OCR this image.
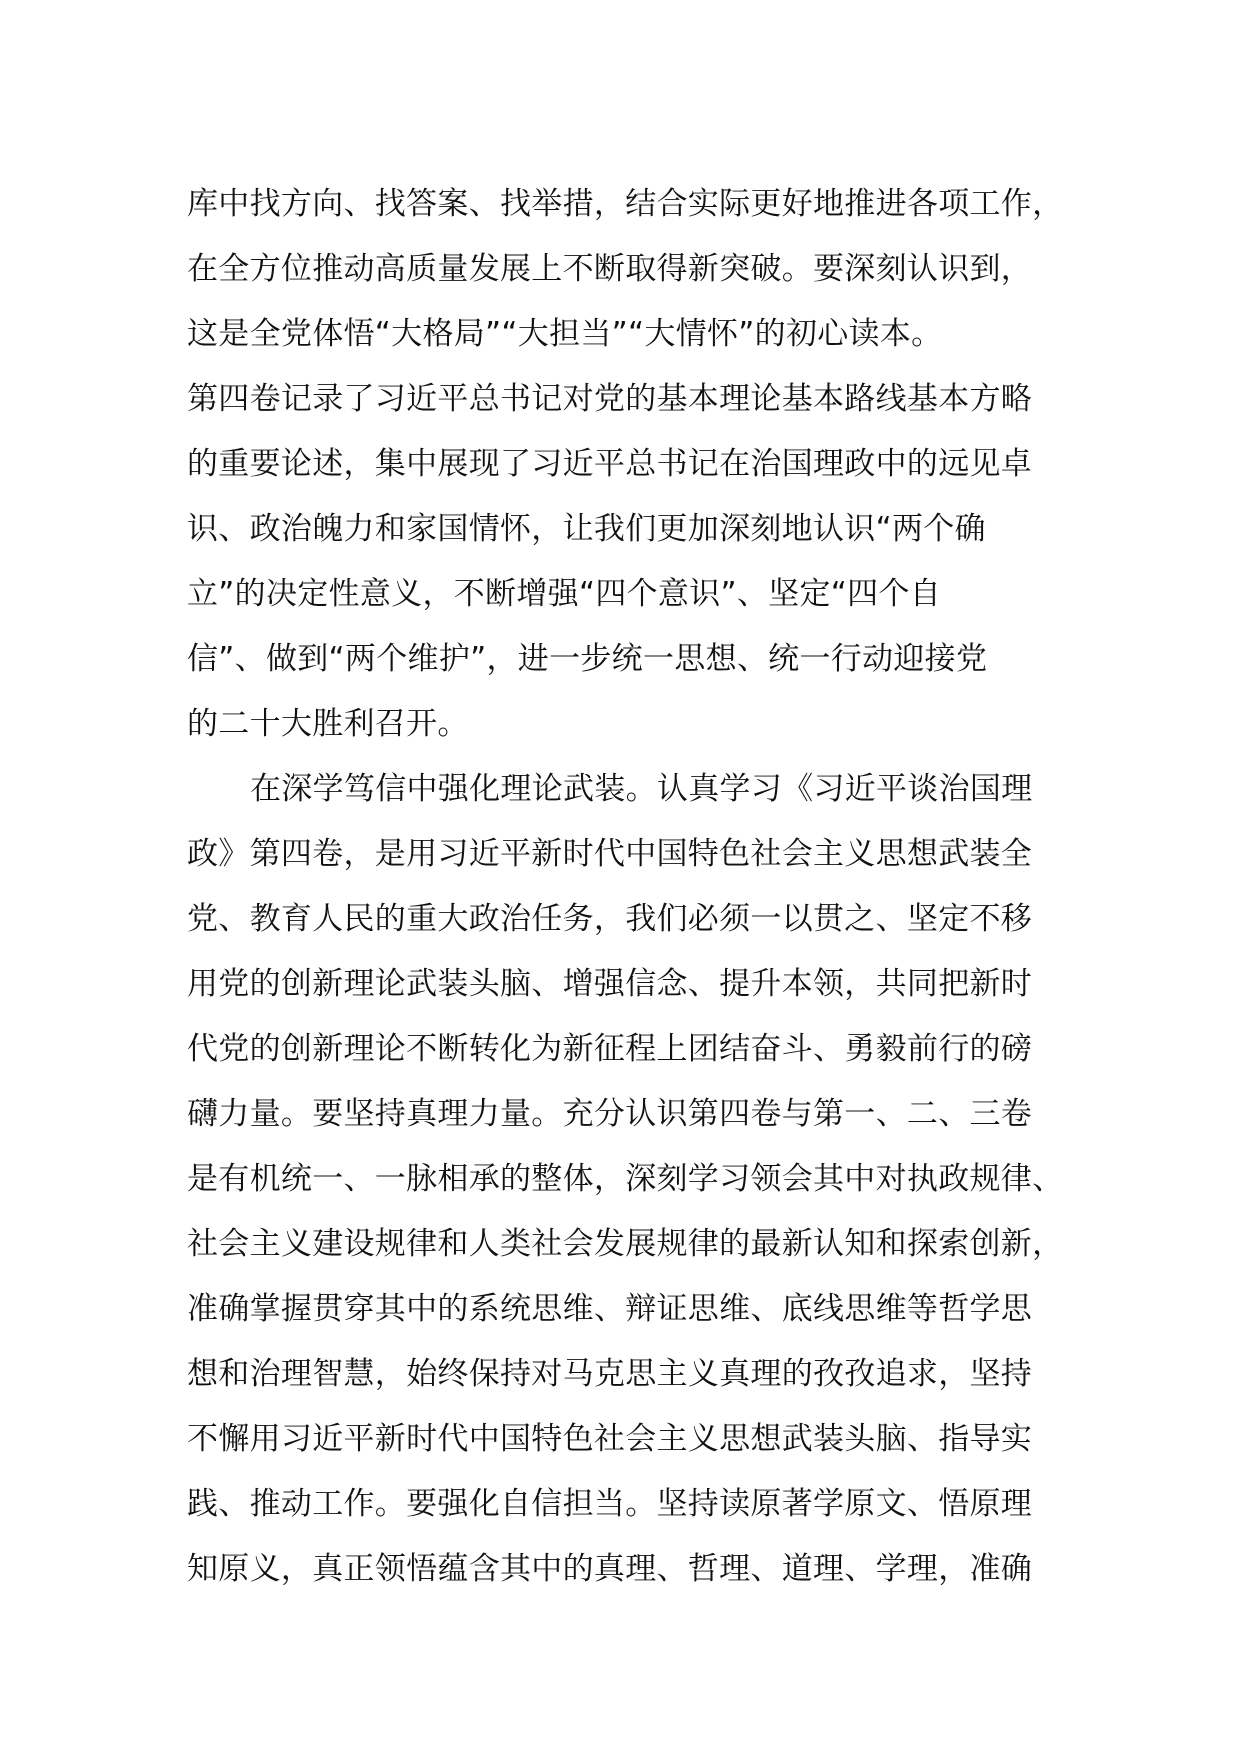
库中找方向、找答案、找举措，结合实际更好地推进各项工作，
在全方位推动高质量发展上不断取得新突破。要深刻认识到，
这是全党体悟“大格局”“大担当”“大情怀”的初心读本。
第四卷记录了习近平总书记对党的基本理论基本路线基本方略
的重要论述，集中展现了习近平总书记在治国理政中的远见卓
识、政治魄力和家国情怀，让我们更加深刻地认识“两个确
立”的决定性意义，不断增强“四个意识”、坚定“四个自
信”、做到“两个维护”，进一步统一思想、统一行动迎接党
的二十大胜利召开。
在深学笃信中强化理论武装。认真学习《习近平谈治国理
政》第四卷，是用习近平新时代中国特色社会主义思想武装全
党、教育人民的重大政治任务，我们必须一以贯之、坚定不移
用党的创新理论武装头脑、增强信念、提升本领，共同把新时
代党的创新理论不断转化为新征程上团结奋斗、勇毅前行的磅
礴力量。要坚持真理力量。充分认识第四卷与第一、二、三卷
是有机统一、一脉相承的整体，深刻学习领会其中对执政规律、
社会主义建设规律和人类社会发展规律的最新认知和探索创新，
准确掌握贯穿其中的系统思维、辩证思维、底线思维等哲学思
想和治理智慧，始终保持对马克思主义真理的孜孜追求，坚持
不懈用习近平新时代中国特色社会主义思想武装头脑、指导实
践、推动工作。要强化自信担当。坚持读原著学原文、悟原理
知原义，真正领悟蕴含其中的真理、哲理、道理、学理，准确
